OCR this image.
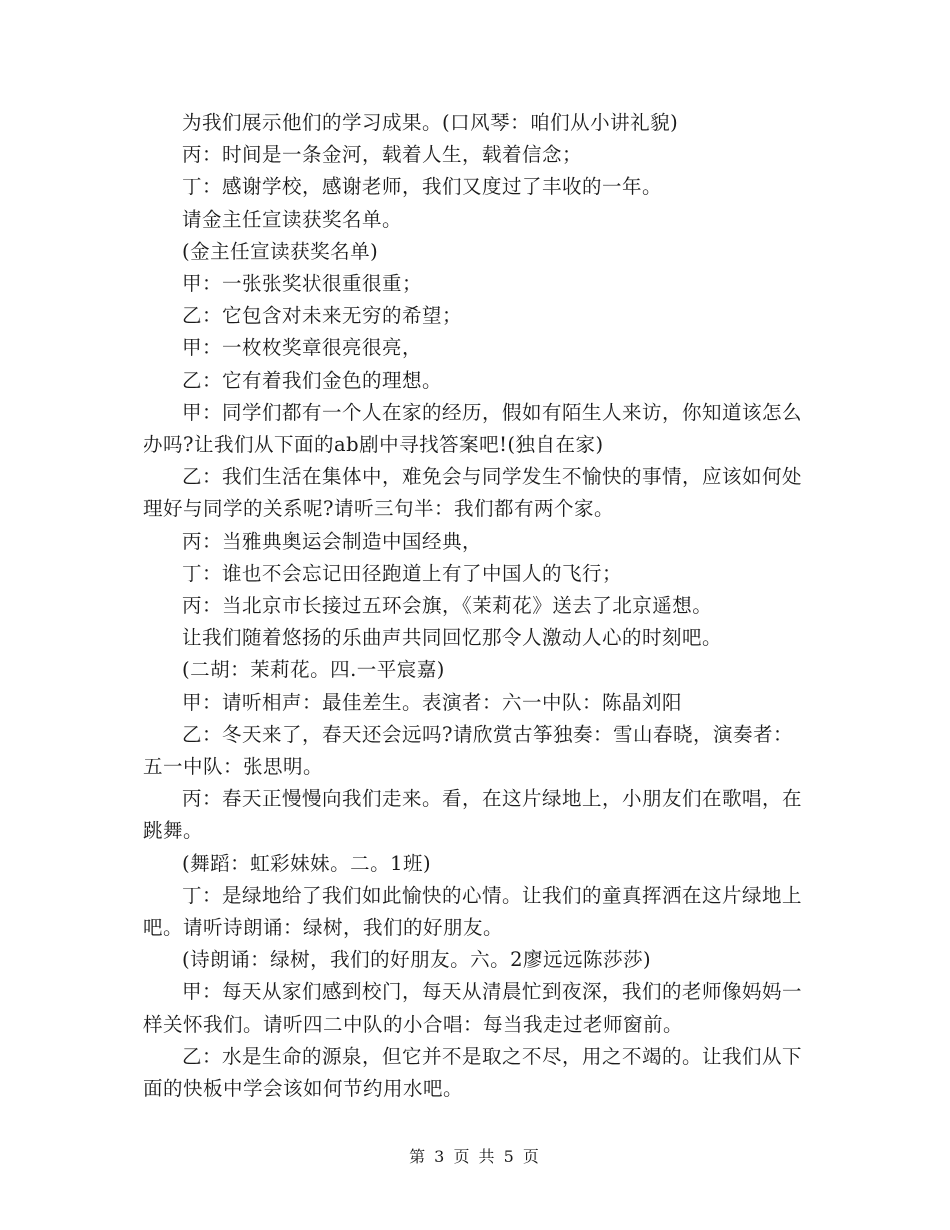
为我们展示他们的学习成果。(口风琴：咱们从小讲礼貌)

丙：时间是一条金河，载着人生，载着信念；

丁：感谢学校，感谢老师，我们又度过了丰收的一年。

请金主任宣读获奖名单。

(金主任宣读获奖名单)

甲：一张张奖状很重很重；

乙：它包含对未来无穷的希望；

甲：一枚枚奖章很亮很亮，

乙：它有着我们金色的理想。

甲：同学们都有一个人在家的经历，假如有陌生人来访，你知道该怎么办吗?让我们从下面的ab剧中寻找答案吧!(独自在家)

乙：我们生活在集体中，难免会与同学发生不愉快的事情，应该如何处理好与同学的关系呢?请听三句半：我们都有两个家。

丙：当雅典奥运会制造中国经典，

丁：谁也不会忘记田径跑道上有了中国人的飞行；

丙：当北京市长接过五环会旗，《茉莉花》送去了北京遥想。

让我们随着悠扬的乐曲声共同回忆那令人激动人心的时刻吧。

(二胡：茉莉花。四.一平宸嘉)

甲：请听相声：最佳差生。表演者：六一中队：陈晶刘阳

乙：冬天来了，春天还会远吗?请欣赏古筝独奏：雪山春晓，演奏者：五一中队：张思明。

丙：春天正慢慢向我们走来。看，在这片绿地上，小朋友们在歌唱，在跳舞。

(舞蹈：虹彩妹妹。二。1班)

丁：是绿地给了我们如此愉快的心情。让我们的童真挥洒在这片绿地上吧。请听诗朗诵：绿树，我们的好朋友。

(诗朗诵：绿树，我们的好朋友。六。2廖远远陈莎莎)

甲：每天从家们感到校门，每天从清晨忙到夜深，我们的老师像妈妈一样关怀我们。请听四二中队的小合唱：每当我走过老师窗前。

乙：水是生命的源泉，但它并不是取之不尽，用之不竭的。让我们从下面的快板中学会该如何节约用水吧。

第 3 页 共 5 页
